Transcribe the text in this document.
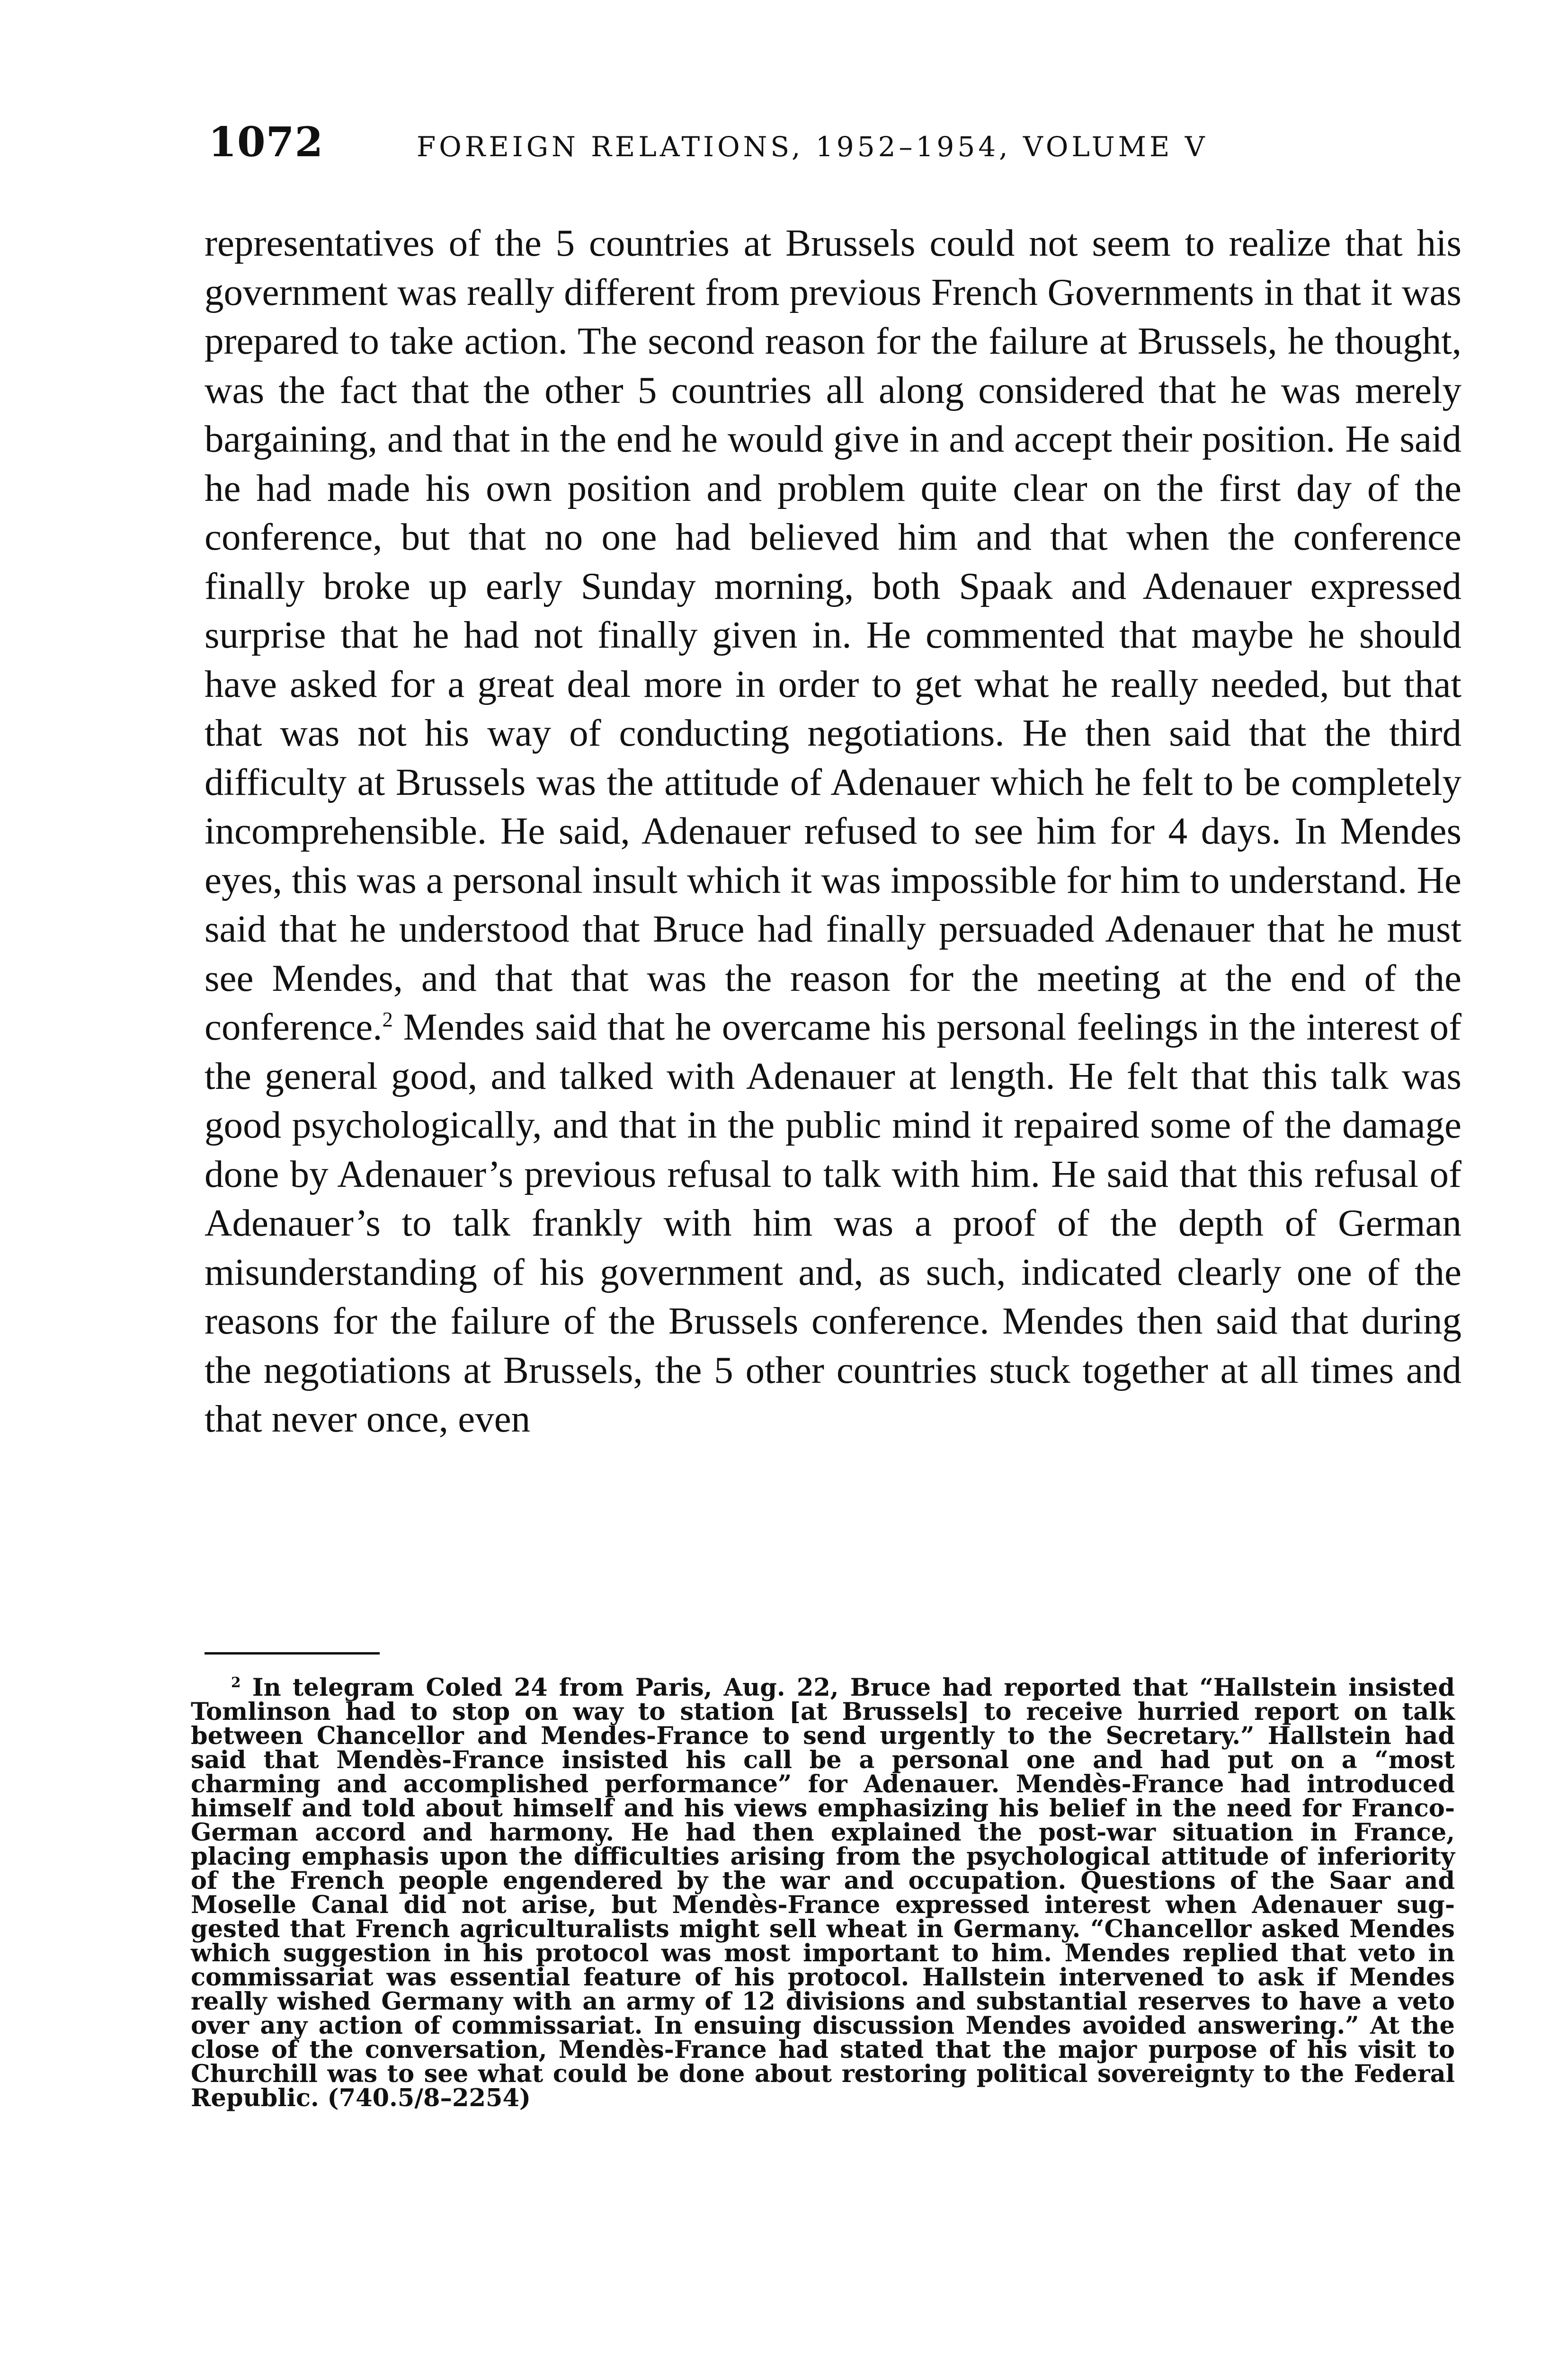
1072	FOREIGN RELATIONS, 1952–1954, VOLUME V

representatives of the 5 countries at Brussels could not seem to realize that his government was really different from previous French Governments in that it was prepared to take action. The second reason for the failure at Brussels, he thought, was the fact that the other 5 countries all along considered that he was merely bargaining, and that in the end he would give in and accept their position. He said he had made his own position and problem quite clear on the first day of the conference, but that no one had believed him and that when the conference finally broke up early Sunday morning, both Spaak and Adenauer expressed surprise that he had not finally given in. He commented that maybe he should have asked for a great deal more in order to get what he really needed, but that that was not his way of conducting negotiations. He then said that the third difficulty at Brussels was the attitude of Adenauer which he felt to be completely incomprehensible. He said, Adenauer refused to see him for 4 days. In Mendes eyes, this was a personal insult which it was impossible for him to understand. He said that he understood that Bruce had finally persuaded Adenauer that he must see Mendes, and that that was the reason for the meeting at the end of the conference.$^2$ Mendes said that he overcame his personal feelings in the interest of the general good, and talked with Adenauer at length. He felt that this talk was good psychologically, and that in the public mind it repaired some of the damage done by Adenauer’s previous refusal to talk with him. He said that this refusal of Adenauer’s to talk frankly with him was a proof of the depth of German misunderstanding of his government and, as such, indicated clearly one of the reasons for the failure of the Brussels conference. Mendes then said that during the negotiations at Brussels, the 5 other countries stuck together at all times and that never once, even

$^2$ In telegram Coled 24 from Paris, Aug. 22, Bruce had reported that “Hallstein insisted Tomlinson had to stop on way to station [at Brussels] to receive hurried report on talk between Chancellor and Mendes-France to send urgently to the Secretary.” Hallstein had said that Mendès-France insisted his call be a personal one and had put on a “most charming and accomplished performance” for Adenauer. Mendès-France had introduced himself and told about himself and his views emphasizing his belief in the need for Franco-German accord and harmony. He had then explained the post-war situation in France, placing emphasis upon the difficulties arising from the psychological attitude of inferiority of the French people engendered by the war and occupation. Questions of the Saar and Moselle Canal did not arise, but Mendès-France expressed interest when Adenauer suggested that French agriculturalists might sell wheat in Germany. “Chancellor asked Mendes which suggestion in his protocol was most important to him. Mendes replied that veto in commissariat was essential feature of his protocol. Hallstein intervened to ask if Mendes really wished Germany with an army of 12 divisions and substantial reserves to have a veto over any action of commissariat. In ensuing discussion Mendes avoided answering.” At the close of the conversation, Mendès-France had stated that the major purpose of his visit to Churchill was to see what could be done about restoring political sovereignty to the Federal Republic. (740.5/8–2254)
